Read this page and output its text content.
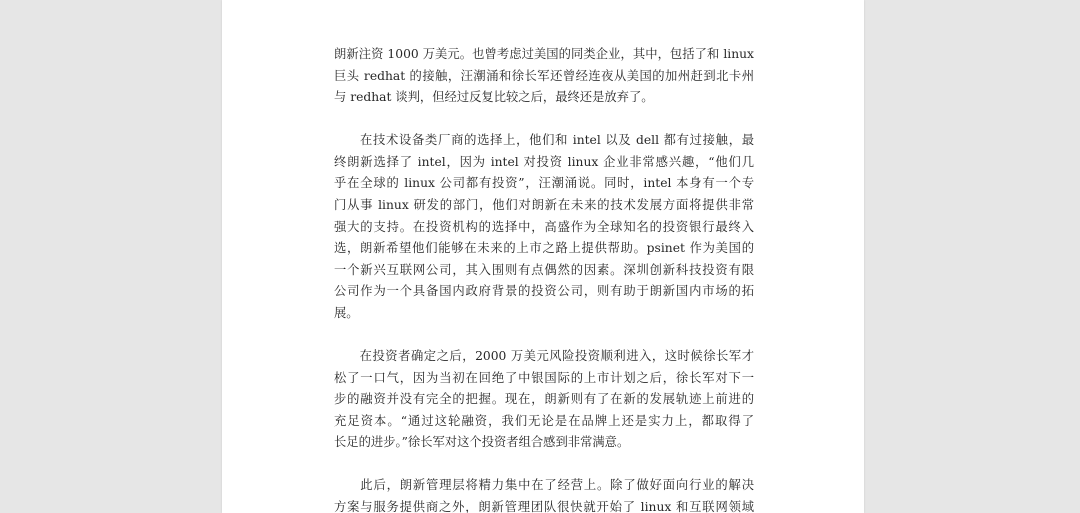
朗新注资 1000 万美元。也曾考虑过美国的同类企业，其中，包括了和 linux
巨头 redhat 的接触，汪潮涌和徐长军还曾经连夜从美国的加州赶到北卡州
与 redhat 谈判，但经过反复比较之后，最终还是放弃了。
　　在技术设备类厂商的选择上，他们和 intel 以及 dell 都有过接触，最
终朗新选择了 intel，因为 intel 对投资 linux 企业非常感兴趣，“他们几
乎在全球的 linux 公司都有投资”，汪潮涌说。同时，intel 本身有一个专
门从事 linux 研发的部门，他们对朗新在未来的技术发展方面将提供非常
强大的支持。在投资机构的选择中，高盛作为全球知名的投资银行最终入
选，朗新希望他们能够在未来的上市之路上提供帮助。psinet 作为美国的
一个新兴互联网公司，其入围则有点偶然的因素。深圳创新科技投资有限
公司作为一个具备国内政府背景的投资公司，则有助于朗新国内市场的拓
展。
　　在投资者确定之后，2000 万美元风险投资顺利进入，这时候徐长军才
松了一口气，因为当初在回绝了中银国际的上市计划之后，徐长军对下一
步的融资并没有完全的把握。现在，朗新则有了在新的发展轨迹上前进的
充足资本。“通过这轮融资，我们无论是在品牌上还是实力上，都取得了
长足的进步。”徐长军对这个投资者组合感到非常满意。
　　此后，朗新管理层将精力集中在了经营上。除了做好面向行业的解决
方案与服务提供商之外，朗新管理团队很快就开始了 linux 和互联网领域
